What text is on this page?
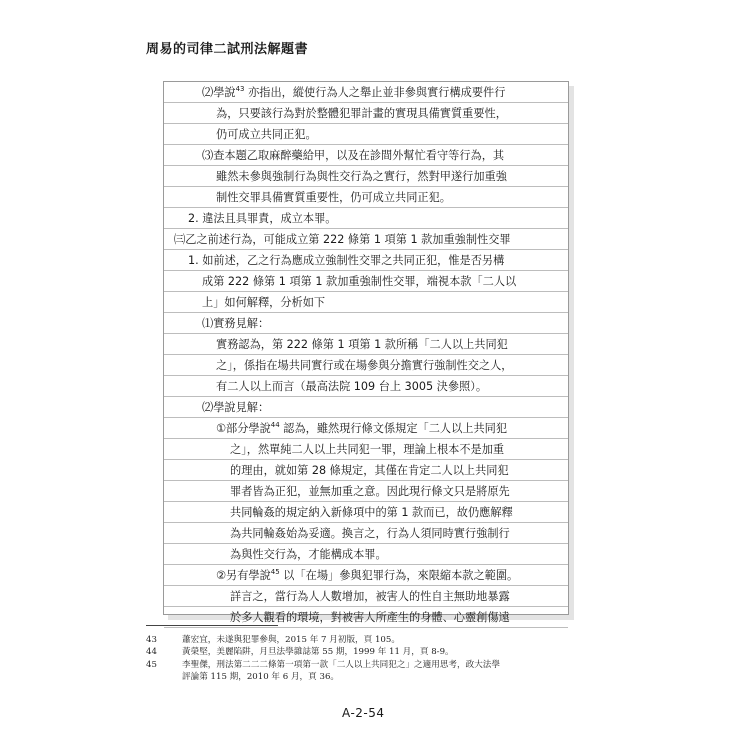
周易的司律二試刑法解題書
⑵學說$^{43}$ 亦指出，縱使行為人之舉止並非參與實行構成要件行
為，只要該行為對於整體犯罪計畫的實現具備實質重要性，
仍可成立共同正犯。
⑶查本題乙取麻醉藥給甲，以及在診間外幫忙看守等行為，其
雖然未參與強制行為與性交行為之實行，然對甲遂行加重強
制性交罪具備實質重要性，仍可成立共同正犯。
2. 違法且具罪責，成立本罪。
㈢乙之前述行為，可能成立第 222 條第 1 項第 1 款加重強制性交罪
1. 如前述，乙之行為應成立強制性交罪之共同正犯，惟是否另構
成第 222 條第 1 項第 1 款加重強制性交罪，端視本款「二人以
上」如何解釋，分析如下
⑴實務見解：
實務認為，第 222 條第 1 項第 1 款所稱「二人以上共同犯
之」，係指在場共同實行或在場參與分擔實行強制性交之人，
有二人以上而言（最高法院 109 台上 3005 決參照）。
⑵學說見解：
①部分學說$^{44}$ 認為，雖然現行條文係規定「二人以上共同犯
之」，然單純二人以上共同犯一罪，理論上根本不是加重
的理由，就如第 28 條規定，其僅在肯定二人以上共同犯
罪者皆為正犯，並無加重之意。因此現行條文只是將原先
共同輪姦的規定納入新條項中的第 1 款而已，故仍應解釋
為共同輪姦始為妥適。換言之，行為人須同時實行強制行
為與性交行為，才能構成本罪。
②另有學說$^{45}$ 以「在場」參與犯罪行為，來限縮本款之範圍。
詳言之，當行為人人數增加，被害人的性自主無助地暴露
於多人觀看的環境，對被害人所產生的身體、心靈創傷遠
43	蕭宏宜，未遂與犯罪參與，2015 年 7 月初版，頁 105。
44	黃榮堅，美麗陷阱，月旦法學雜誌第 55 期，1999 年 11 月，頁 8-9。
45	李聖傑，刑法第二二二條第一項第一款「二人以上共同犯之」之適用思考，政大法學
評論第 115 期，2010 年 6 月，頁 36。
A-2-54
